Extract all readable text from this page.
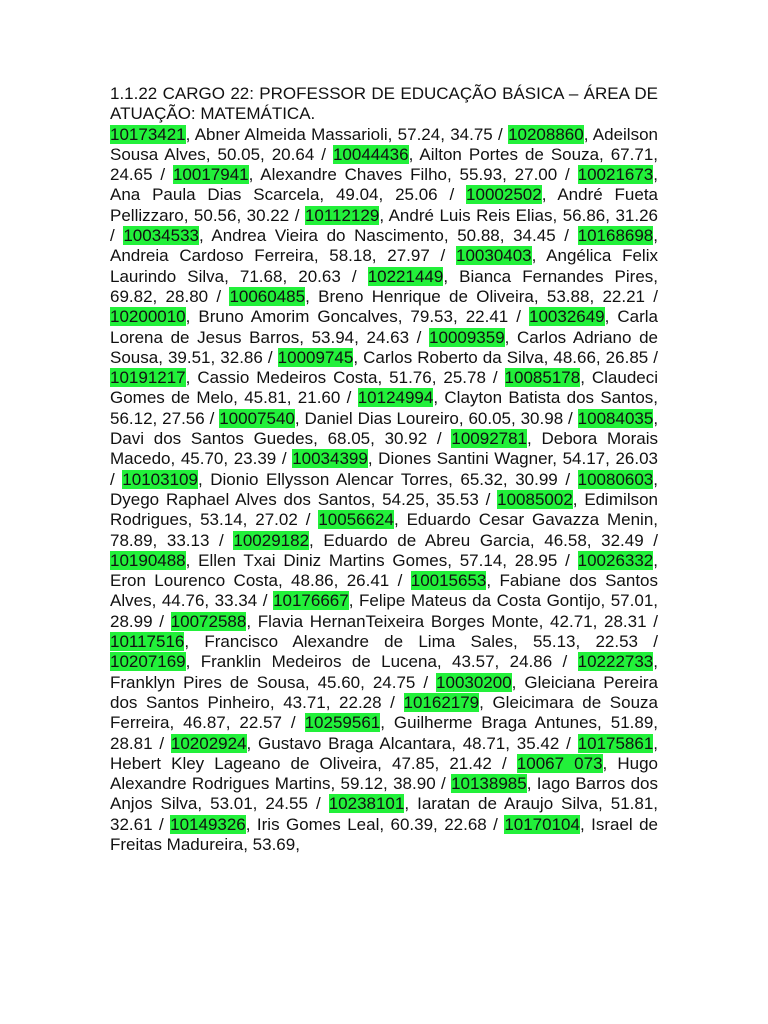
1.1.22 CARGO 22: PROFESSOR DE EDUCAÇÃO BÁSICA – ÁREA DE ATUAÇÃO: MATEMÁTICA.

10173421, Abner Almeida Massarioli, 57.24, 34.75 / 10208860, Adeilson Sousa Alves, 50.05, 20.64 / 10044436, Ailton Portes de Souza, 67.71, 24.65 / 10017941, Alexandre Chaves Filho, 55.93, 27.00 / 10021673, Ana Paula Dias Scarcela, 49.04, 25.06 / 10002502, André Fueta Pellizzaro, 50.56, 30.22 / 10112129, André Luis Reis Elias, 56.86, 31.26 / 10034533, Andrea Vieira do Nascimento, 50.88, 34.45 / 10168698, Andreia Cardoso Ferreira, 58.18, 27.97 / 10030403, Angélica Felix Laurindo Silva, 71.68, 20.63 / 10221449, Bianca Fernandes Pires, 69.82, 28.80 / 10060485, Breno Henrique de Oliveira, 53.88, 22.21 / 10200010, Bruno Amorim Goncalves, 79.53, 22.41 / 10032649, Carla Lorena de Jesus Barros, 53.94, 24.63 / 10009359, Carlos Adriano de Sousa, 39.51, 32.86 / 10009745, Carlos Roberto da Silva, 48.66, 26.85 / 10191217, Cassio Medeiros Costa, 51.76, 25.78 / 10085178, Claudeci Gomes de Melo, 45.81, 21.60 / 10124994, Clayton Batista dos Santos, 56.12, 27.56 / 10007540, Daniel Dias Loureiro, 60.05, 30.98 / 10084035, Davi dos Santos Guedes, 68.05, 30.92 / 10092781, Debora Morais Macedo, 45.70, 23.39 / 10034399, Diones Santini Wagner, 54.17, 26.03 / 10103109, Dionio Ellysson Alencar Torres, 65.32, 30.99 / 10080603, Dyego Raphael Alves dos Santos, 54.25, 35.53 / 10085002, Edimilson Rodrigues, 53.14, 27.02 / 10056624, Eduardo Cesar Gavazza Menin, 78.89, 33.13 / 10029182, Eduardo de Abreu Garcia, 46.58, 32.49 / 10190488, Ellen Txai Diniz Martins Gomes, 57.14, 28.95 / 10026332, Eron Lourenco Costa, 48.86, 26.41 / 10015653, Fabiane dos Santos Alves, 44.76, 33.34 / 10176667, Felipe Mateus da Costa Gontijo, 57.01, 28.99 / 10072588, Flavia HernanTeixeira Borges Monte, 42.71, 28.31 / 10117516, Francisco Alexandre de Lima Sales, 55.13, 22.53 / 10207169, Franklin Medeiros de Lucena, 43.57, 24.86 / 10222733, Franklyn Pires de Sousa, 45.60, 24.75 / 10030200, Gleiciana Pereira dos Santos Pinheiro, 43.71, 22.28 / 10162179, Gleicimara de Souza Ferreira, 46.87, 22.57 / 10259561, Guilherme Braga Antunes, 51.89, 28.81 / 10202924, Gustavo Braga Alcantara, 48.71, 35.42 / 10175861, Hebert Kley Lageano de Oliveira, 47.85, 21.42 / 10067 073, Hugo Alexandre Rodrigues Martins, 59.12, 38.90 / 10138985, Iago Barros dos Anjos Silva, 53.01, 24.55 / 10238101, Iaratan de Araujo Silva, 51.81, 32.61 / 10149326, Iris Gomes Leal, 60.39, 22.68 / 10170104, Israel de Freitas Madureira, 53.69,
